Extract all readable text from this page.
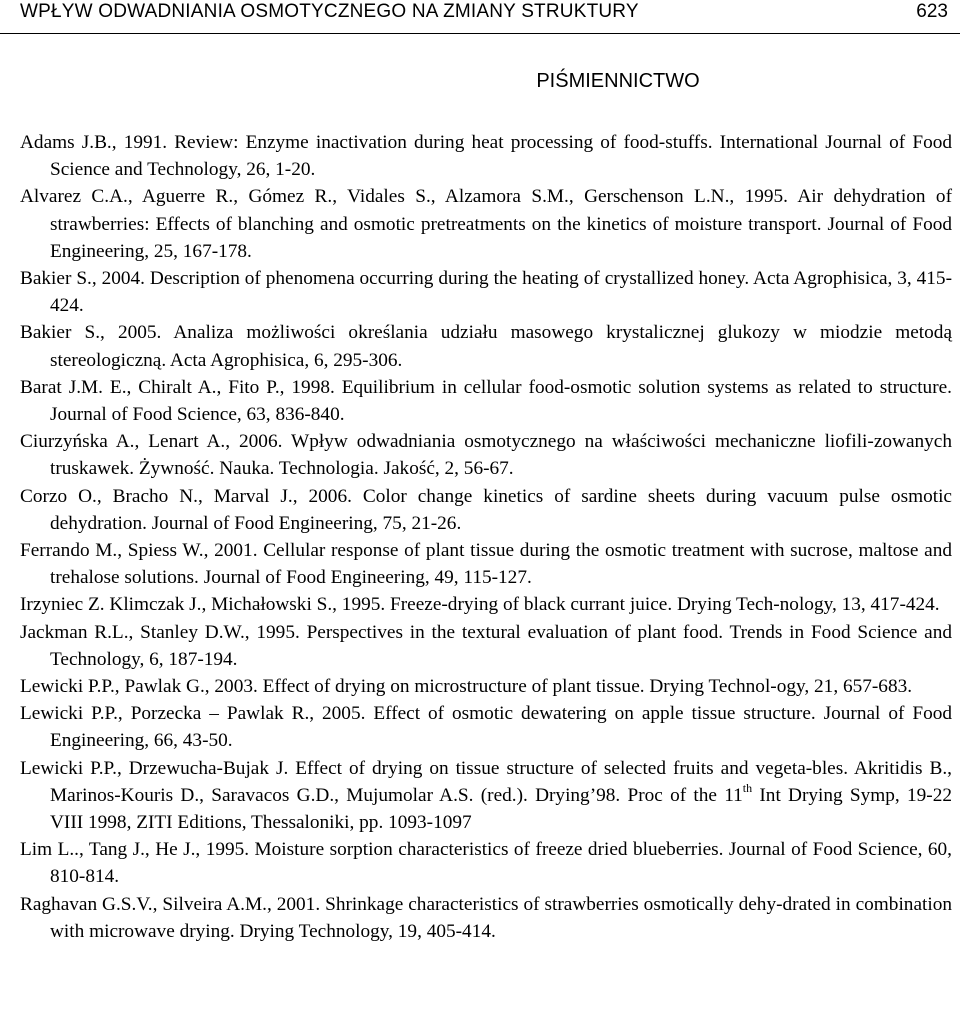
WPŁYW ODWADNIANIA OSMOTYCZNEGO NA ZMIANY STRUKTURY	623
PIŚMIENNICTWO

Adams J.B., 1991. Review: Enzyme inactivation during heat processing of food-stuffs. International Journal of Food Science and Technology, 26, 1-20.

Alvarez C.A., Aguerre R., Gómez R., Vidales S., Alzamora S.M., Gerschenson L.N., 1995. Air dehydration of strawberries: Effects of blanching and osmotic pretreatments on the kinetics of moisture transport. Journal of Food Engineering, 25, 167-178.

Bakier S., 2004. Description of phenomena occurring during the heating of crystallized honey. Acta Agrophisica, 3, 415-424.

Bakier S., 2005. Analiza możliwości określania udziału masowego krystalicznej glukozy w miodzie metodą stereologiczną. Acta Agrophisica, 6, 295-306.

Barat J.M. E., Chiralt A., Fito P., 1998. Equilibrium in cellular food-osmotic solution systems as related to structure. Journal of Food Science, 63, 836-840.

Ciurzyńska A., Lenart A., 2006. Wpływ odwadniania osmotycznego na właściwości mechaniczne liofili-zowanych truskawek. Żywność. Nauka. Technologia. Jakość, 2, 56-67.

Corzo O., Bracho N., Marval J., 2006. Color change kinetics of sardine sheets during vacuum pulse osmotic dehydration. Journal of Food Engineering, 75, 21-26.

Ferrando M., Spiess W., 2001. Cellular response of plant tissue during the osmotic treatment with sucrose, maltose and trehalose solutions. Journal of Food Engineering, 49, 115-127.

Irzyniec Z. Klimczak J., Michałowski S., 1995. Freeze-drying of black currant juice. Drying Tech-nology, 13, 417-424.

Jackman R.L., Stanley D.W., 1995. Perspectives in the textural evaluation of plant food. Trends in Food Science and Technology, 6, 187-194.

Lewicki P.P., Pawlak G., 2003. Effect of drying on microstructure of plant tissue. Drying Technol-ogy, 21, 657-683.

Lewicki P.P., Porzecka – Pawlak R., 2005. Effect of osmotic dewatering on apple tissue structure. Journal of Food Engineering, 66, 43-50.

Lewicki P.P., Drzewucha-Bujak J. Effect of drying on tissue structure of selected fruits and vegeta-bles. Akritidis B., Marinos-Kouris D., Saravacos G.D., Mujumolar A.S. (red.). Drying’98. Proc of the 11th Int Drying Symp, 19-22 VIII 1998, ZITI Editions, Thessaloniki, pp. 1093-1097

Lim L.., Tang J., He J., 1995. Moisture sorption characteristics of freeze dried blueberries. Journal of Food Science, 60, 810-814.

Raghavan G.S.V., Silveira A.M., 2001. Shrinkage characteristics of strawberries osmotically dehy-drated in combination with microwave drying. Drying Technology, 19, 405-414.
